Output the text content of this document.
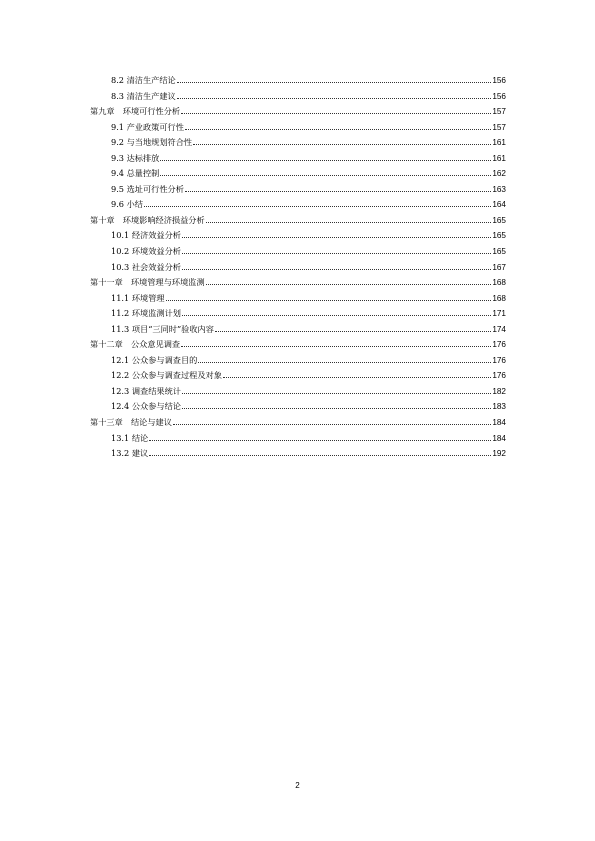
8.2 清洁生产结论	156
8.3 清洁生产建议	156
第九章　环境可行性分析	157
9.1 产业政策可行性	157
9.2 与当地规划符合性	161
9.3 达标排放	161
9.4 总量控制	162
9.5 选址可行性分析	163
9.6 小结	164
第十章　环境影响经济损益分析	165
10.1 经济效益分析	165
10.2 环境效益分析	165
10.3 社会效益分析	167
第十一章　环境管理与环境监测	168
11.1 环境管理	168
11.2 环境监测计划	171
11.3 项目“三同时”验收内容	174
第十二章　公众意见调查	176
12.1 公众参与调查目的	176
12.2 公众参与调查过程及对象	176
12.3 调查结果统计	182
12.4 公众参与结论	183
第十三章　结论与建议	184
13.1 结论	184
13.2 建议	192
2
